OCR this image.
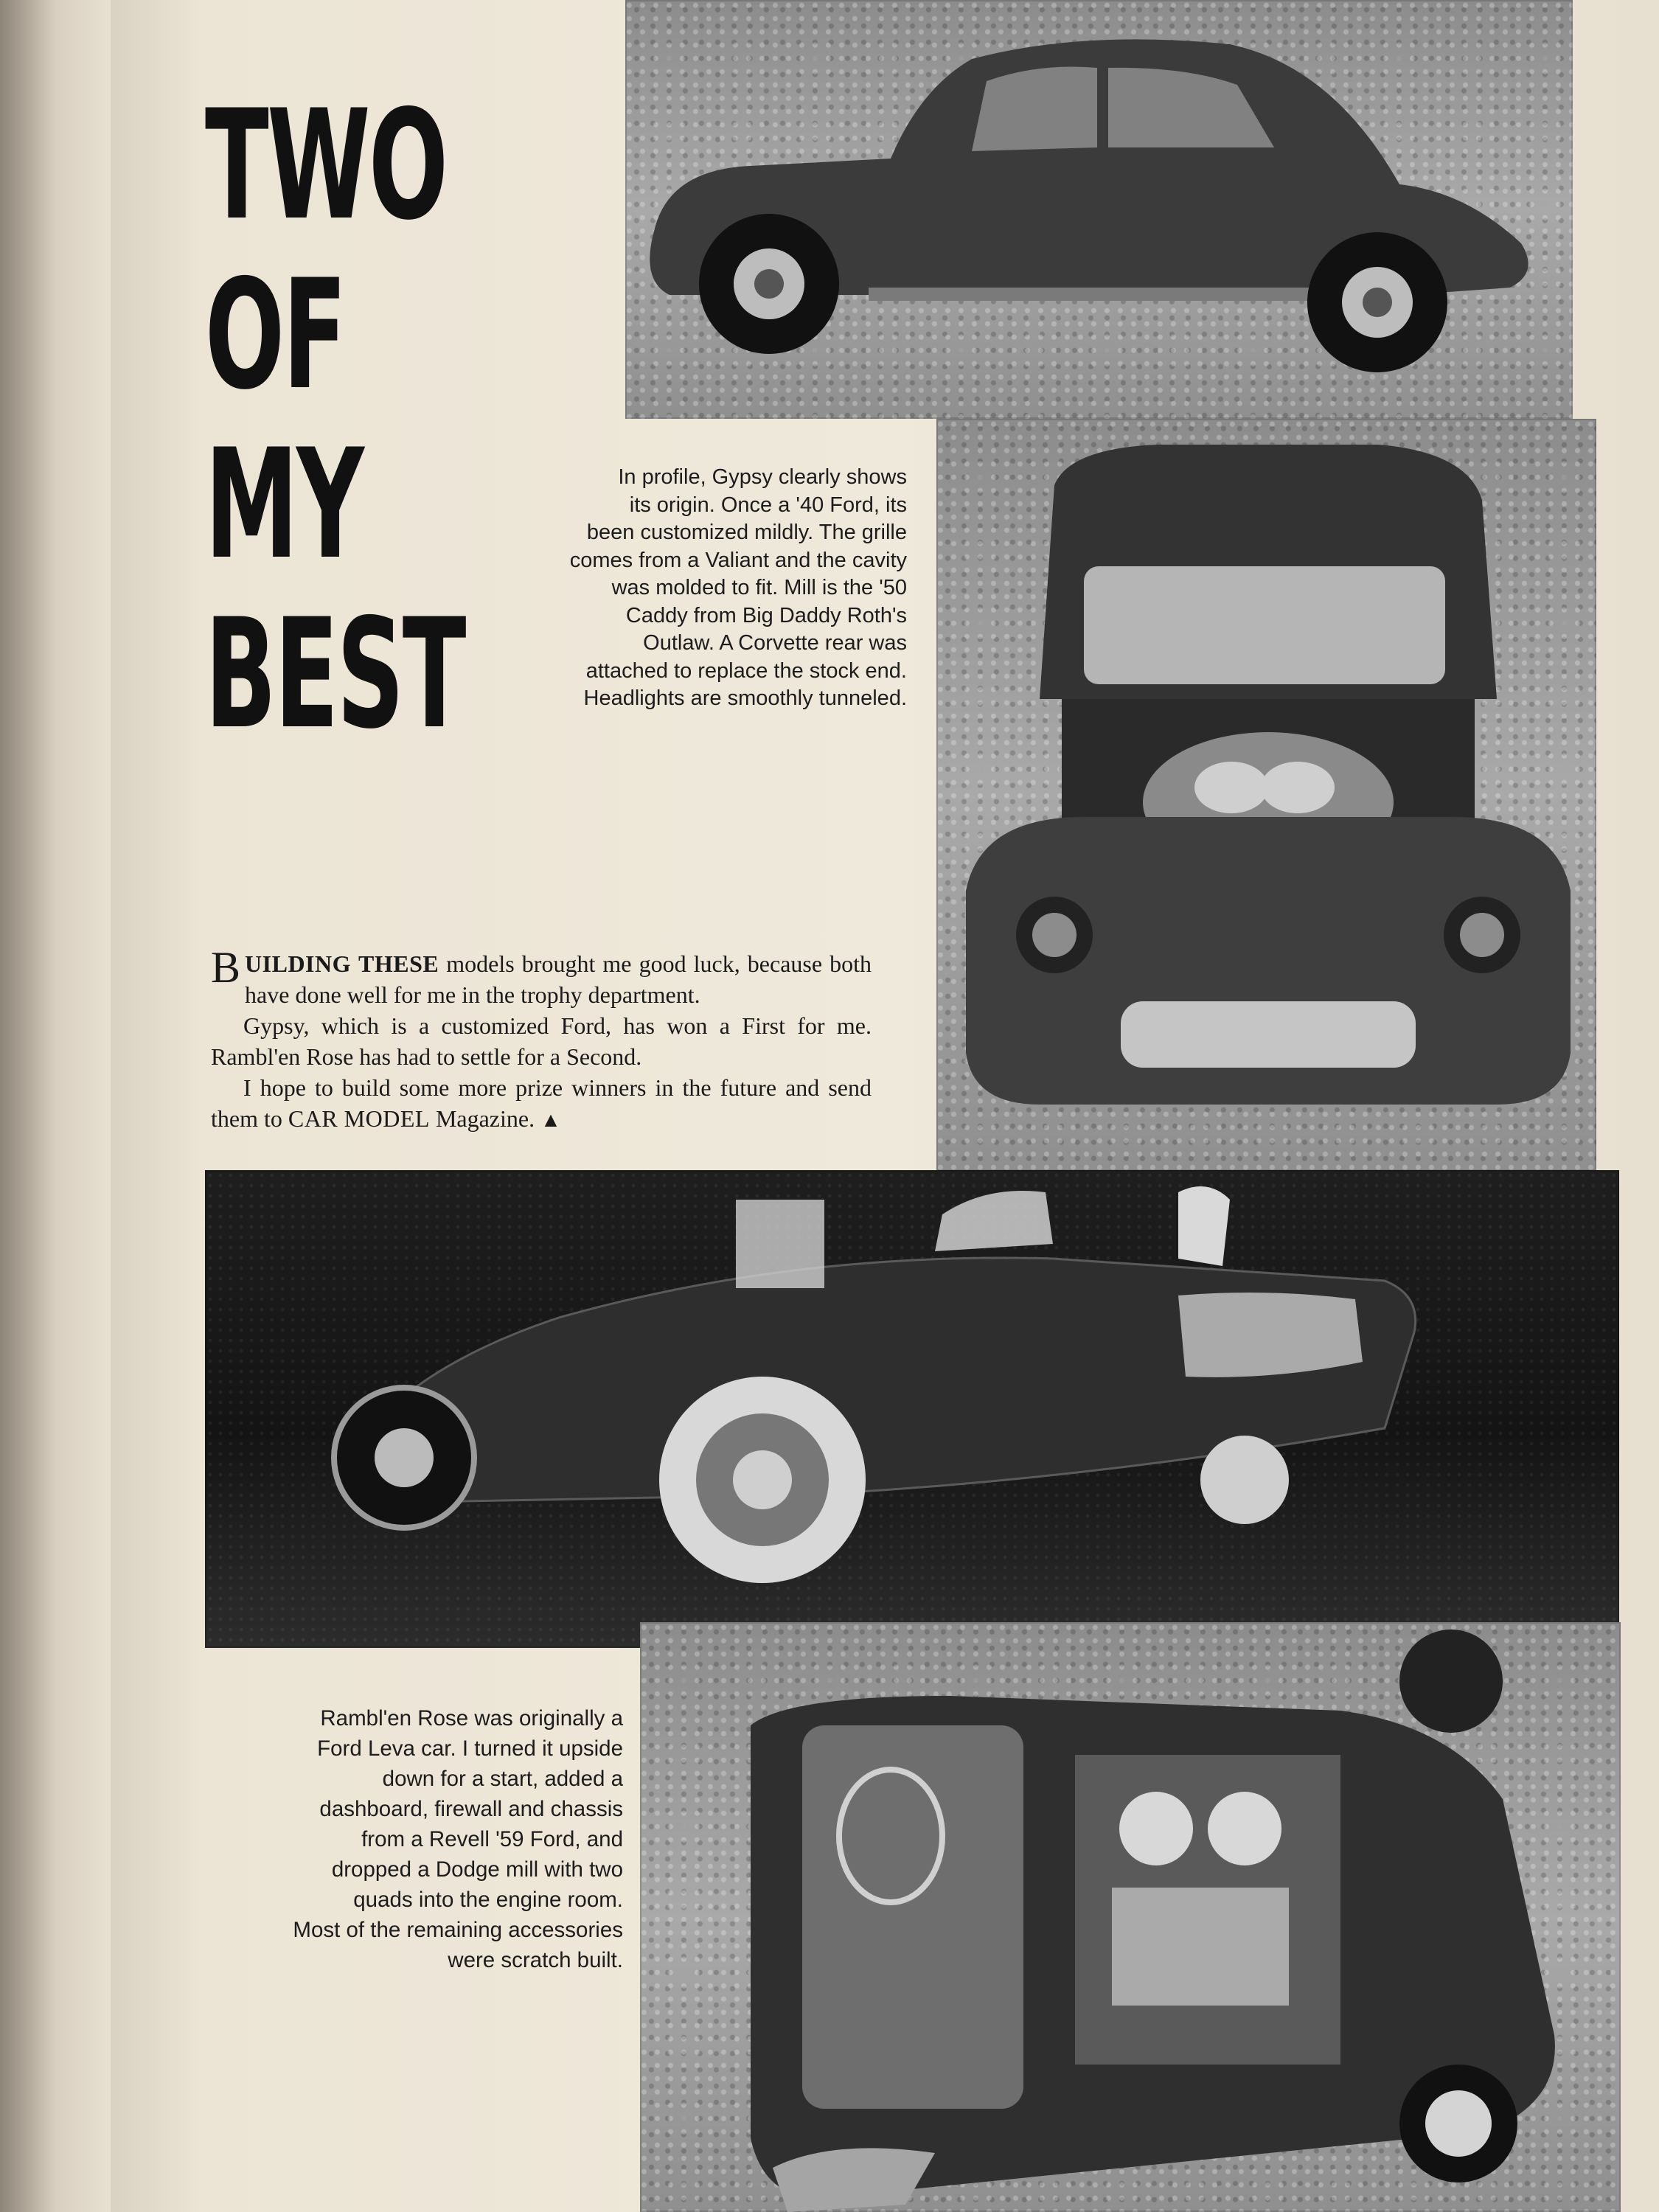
TWO
OF
MY
BEST
In profile, Gypsy clearly shows
its origin. Once a '40 Ford, its
been customized mildly. The grille
comes from a Valiant and the cavity
was molded to fit. Mill is the '50
Caddy from Big Daddy Roth's
Outlaw. A Corvette rear was
attached to replace the stock end.
Headlights are smoothly tunneled.

BUILDING THESE models brought me good luck, because both have done well for me in the trophy department.

Gypsy, which is a customized Ford, has won a First for me. Rambl'en Rose has had to settle for a Second.

I hope to build some more prize winners in the future and send them to CAR MODEL Magazine. ▲

Rambl'en Rose was originally a
Ford Leva car. I turned it upside
down for a start, added a
dashboard, firewall and chassis
from a Revell '59 Ford, and
dropped a Dodge mill with two
quads into the engine room.
Most of the remaining accessories
were scratch built.
